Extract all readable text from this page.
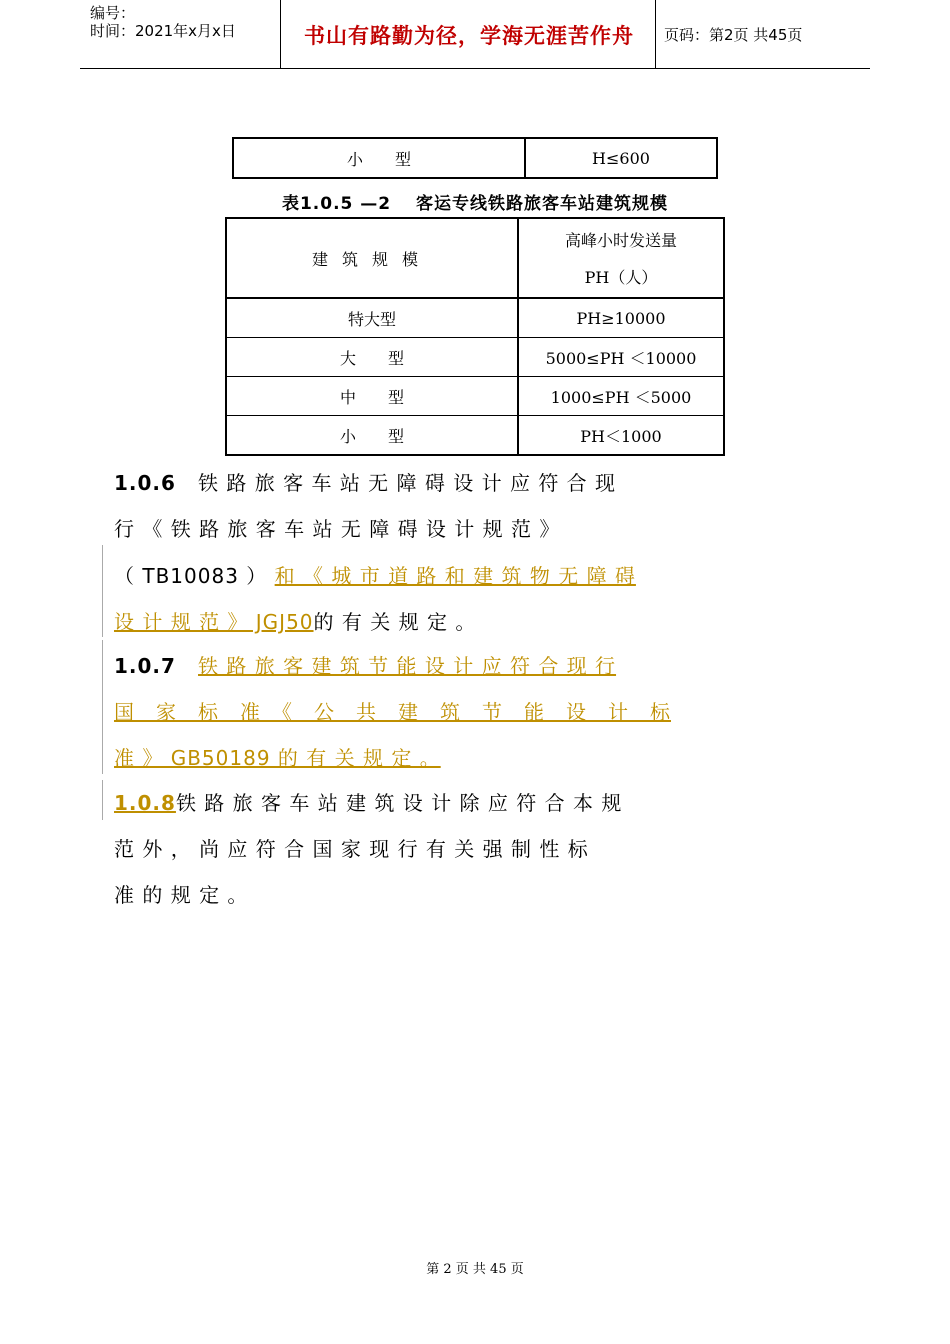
编号：
时间：2021年x月x日	书山有路勤为径，学海无涯苦作舟	页码：第2页 共45页
小　　型	H≤600
表1.0.5 —2　 客运专线铁路旅客车站建筑规模
建筑规模	高峰小时发送量
PH（人）

特大型	PH≥10000
大　　型	5000≤PH ＜10000
中　　型	1000≤PH ＜5000
小　　型	PH＜1000
1.0.6 铁 路 旅 客 车 站 无 障 碍 设 计 应 符 合 现
行 《 铁 路 旅 客 车 站 无 障 碍 设 计 规 范 》
（ TB10083 ） 和 《 城 市 道 路 和 建 筑 物 无 障 碍
设 计 规 范 》 JGJ50的 有 关 规 定 。
1.0.7 铁 路 旅 客 建 筑 节 能 设 计 应 符 合 现 行
国　家　标　准　《　公　共　建　筑　节　能　设　计　标
准 》 GB50189 的 有 关 规 定 。
1.0.8铁 路 旅 客 车 站 建 筑 设 计 除 应 符 合 本 规
范 外 ， 尚 应 符 合 国 家 现 行 有 关 强 制 性 标
准 的 规 定 。
第 2 页 共 45 页
